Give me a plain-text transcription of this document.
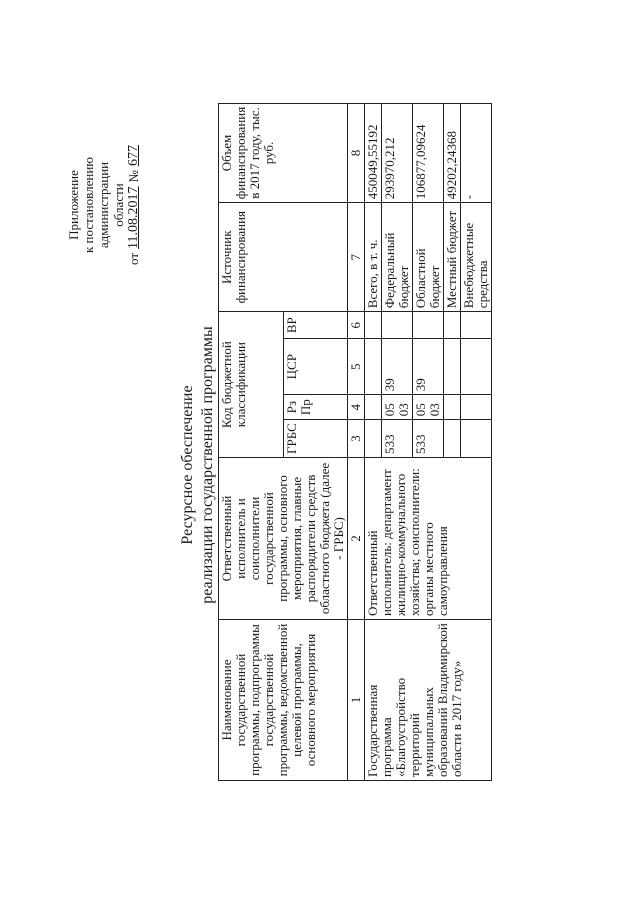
Приложение к постановлению администрации области
от
11.08.2017
№
677
Ресурсное обеспечение реализации государственной программы
Наименование государственной программы, подпрограммы государственной программы, ведомственной целевой программы, основного мероприятия	Ответственный исполнитель и соисполнители государственной программы, основного мероприятия, главные распорядители средств областного бюджета (далее - ГРБС)	Код бюджетной классификации				Источник финансирования	Объем финансирования в 2017 году, тыс. руб.
		ГРБС	Рз Пр	ЦСР	ВР		
1	2	3	4	5	6	7	8
Государственная программа «Благоустройство территорий муниципальных образований Владимирской области в 2017 году»	Ответственный исполнитель: департамент жилищно-коммунального хозяйства; соисполнители: органы местного самоуправления					Всего, в т. ч.	450049,55192
		533	05 03	39		Федеральный бюджет	293970,212
		533	05 03	39		Областной бюджет	106877,09624
						Местный бюджет	49202,24368
						Внебюджетные средства	-
